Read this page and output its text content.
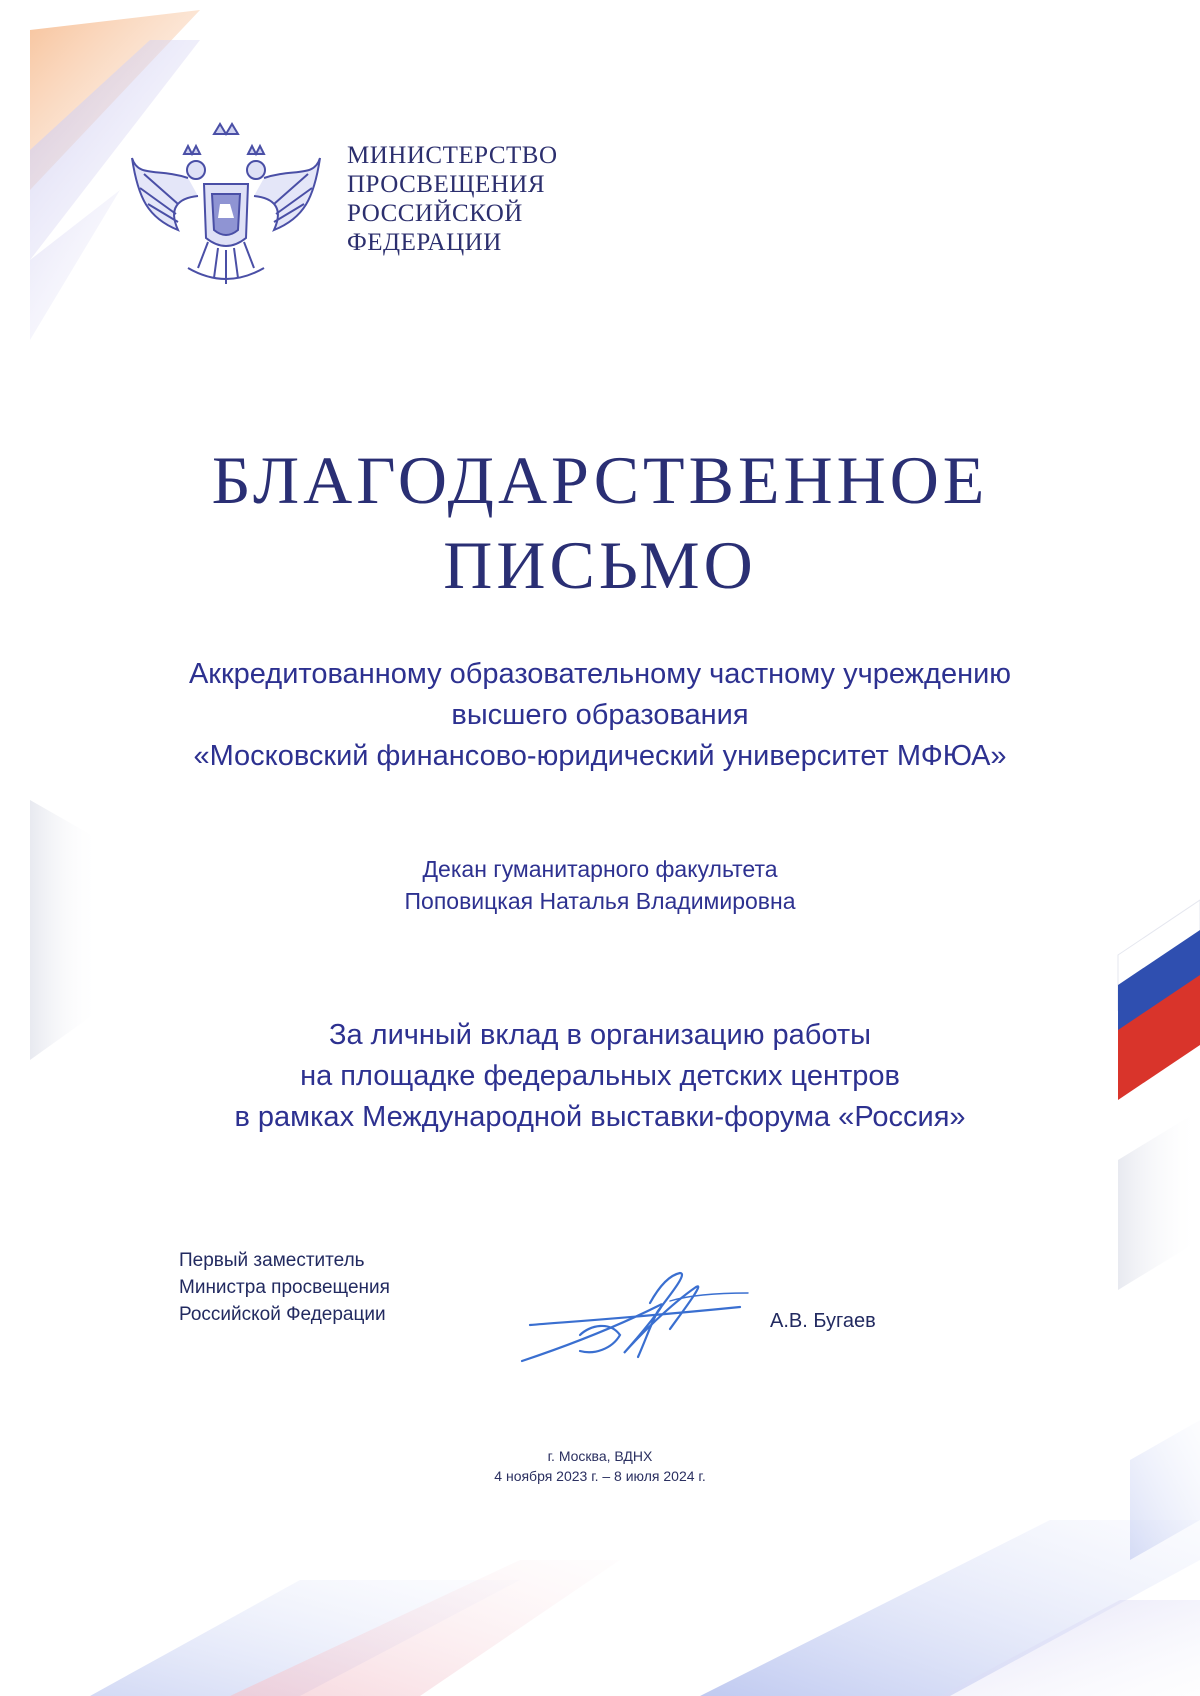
МИНИСТЕРСТВО
ПРОСВЕЩЕНИЯ
РОССИЙСКОЙ
ФЕДЕРАЦИИ

БЛАГОДАРСТВЕННОЕ
ПИСЬМО

Аккредитованному образовательному частному учреждению
высшего образования
«Московский финансово-юридический университет МФЮА»

Декан гуманитарного факультета
Поповицкая Наталья Владимировна

За личный вклад в организацию работы
на площадке федеральных детских центров
в рамках Международной выставки-форума «Россия»

Первый заместитель
Министра просвещения
Российской Федерации	А.В. Бугаев

г. Москва, ВДНХ
4 ноября 2023 г. – 8 июля 2024 г.
